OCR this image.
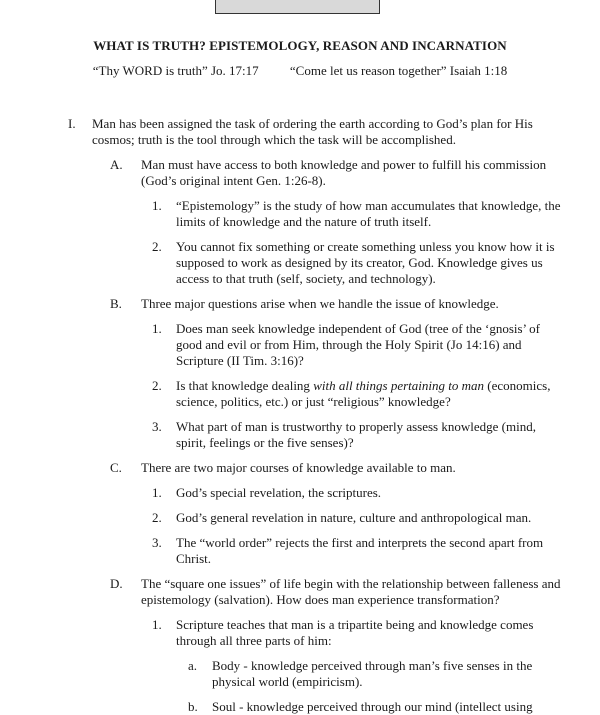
WHAT IS TRUTH? EPISTEMOLOGY, REASON AND INCARNATION
“Thy WORD is truth” Jo. 17:17 “Come let us reason together” Isaiah 1:18
I. Man has been assigned the task of ordering the earth according to God’s plan for His
cosmos; truth is the tool through which the task will be accomplished.
A. Man must have access to both knowledge and power to fulfill his commission
(God’s original intent Gen. 1:26-8).
1. “Epistemology” is the study of how man accumulates that knowledge, the
limits of knowledge and the nature of truth itself.
2. You cannot fix something or create something unless you know how it is
supposed to work as designed by its creator, God. Knowledge gives us
access to that truth (self, society, and technology).
B. Three major questions arise when we handle the issue of knowledge.
1. Does man seek knowledge independent of God (tree of the ‘gnosis’ of
good and evil or from Him, through the Holy Spirit (Jo 14:16) and
Scripture (II Tim. 3:16)?
2. Is that knowledge dealing with all things pertaining to man (economics,
science, politics, etc.) or just “religious” knowledge?
3. What part of man is trustworthy to properly assess knowledge (mind,
spirit, feelings or the five senses)?
C. There are two major courses of knowledge available to man.
1. God’s special revelation, the scriptures.
2. God’s general revelation in nature, culture and anthropological man.
3. The “world order” rejects the first and interprets the second apart from
Christ.
D. The “square one issues” of life begin with the relationship between falleness and
epistemology (salvation). How does man experience transformation?
1. Scripture teaches that man is a tripartite being and knowledge comes
through all three parts of him:
a. Body - knowledge perceived through man’s five senses in the
physical world (empiricism).
b. Soul - knowledge perceived through our mind (intellect using
